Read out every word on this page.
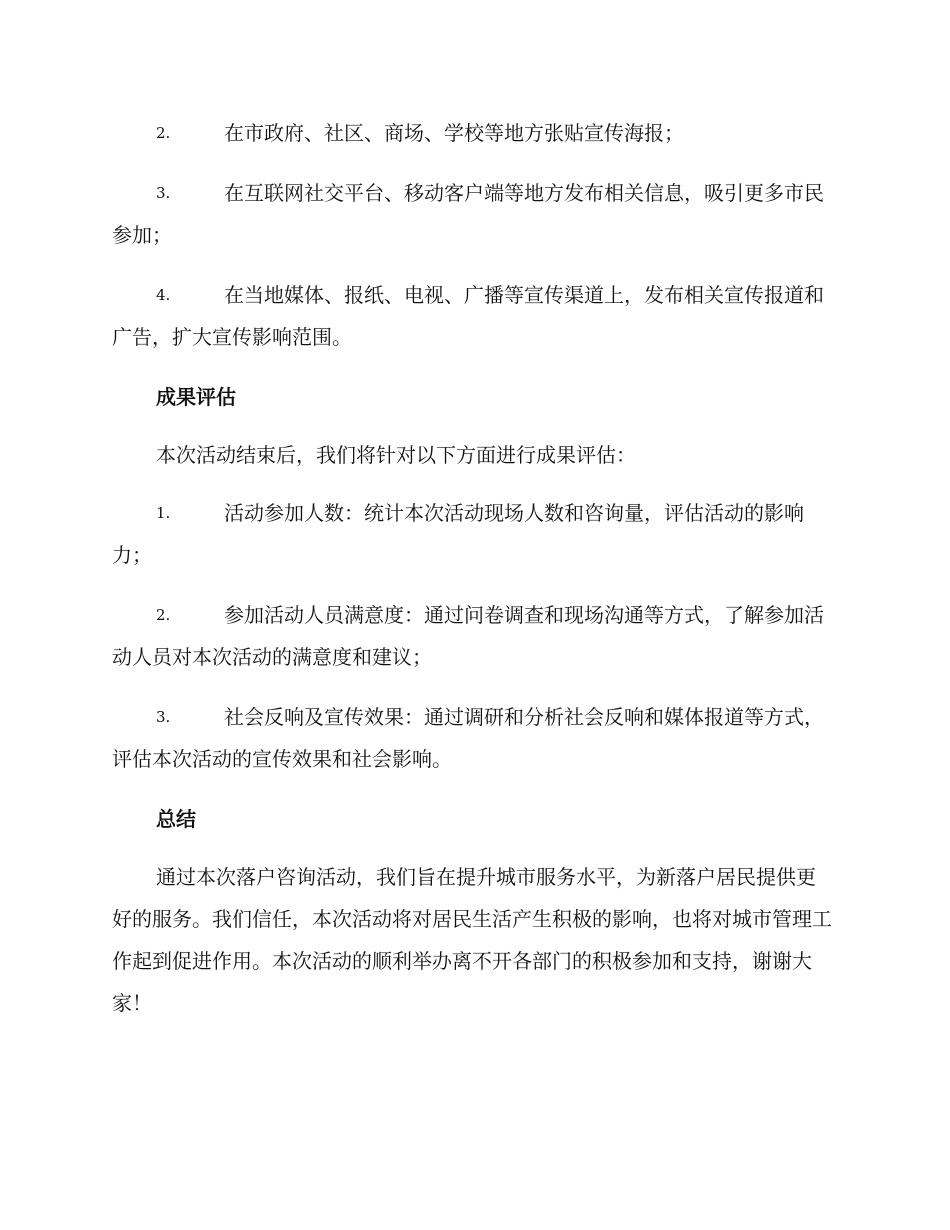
2.	在市政府、社区、商场、学校等地方张贴宣传海报；
3.	在互联网社交平台、移动客户端等地方发布相关信息，吸引更多市民参加；
4.	在当地媒体、报纸、电视、广播等宣传渠道上，发布相关宣传报道和广告，扩大宣传影响范围。
成果评估
本次活动结束后，我们将针对以下方面进行成果评估：
1.	活动参加人数：统计本次活动现场人数和咨询量，评估活动的影响力；
2.	参加活动人员满意度：通过问卷调查和现场沟通等方式，了解参加活动人员对本次活动的满意度和建议；
3.	社会反响及宣传效果：通过调研和分析社会反响和媒体报道等方式，评估本次活动的宣传效果和社会影响。
总结
通过本次落户咨询活动，我们旨在提升城市服务水平，为新落户居民提供更好的服务。我们信任，本次活动将对居民生活产生积极的影响，也将对城市管理工作起到促进作用。本次活动的顺利举办离不开各部门的积极参加和支持，谢谢大家！
